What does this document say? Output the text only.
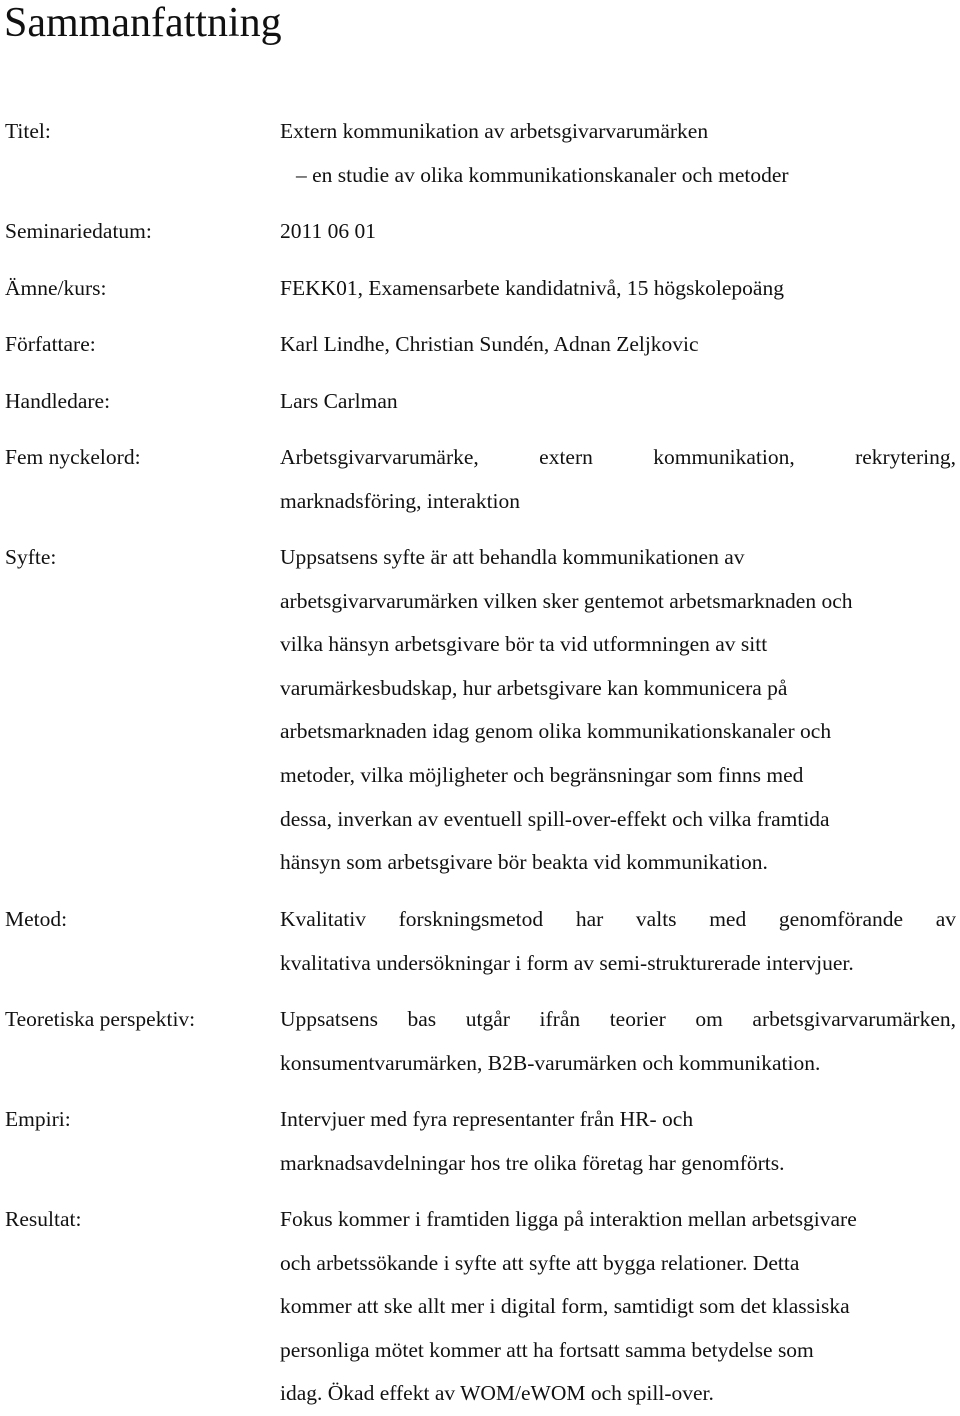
Sammanfattning
Titel:	Extern kommunikation av arbetsgivarvarumärken
– en studie av olika kommunikationskanaler och metoder
Seminariedatum:	2011 06 01
Ämne/kurs:	FEKK01, Examensarbete kandidatnivå, 15 högskolepoäng
Författare:	Karl Lindhe, Christian Sundén, Adnan Zeljkovic
Handledare:	Lars Carlman
Fem nyckelord:	Arbetsgivarvarumärke, extern kommunikation, rekrytering,
marknadsföring, interaktion
Syfte:	Uppsatsens syfte är att behandla kommunikationen av
arbetsgivarvarumärken vilken sker gentemot arbetsmarknaden och
vilka hänsyn arbetsgivare bör ta vid utformningen av sitt
varumärkesbudskap, hur arbetsgivare kan kommunicera på
arbetsmarknaden idag genom olika kommunikationskanaler och
metoder, vilka möjligheter och begränsningar som finns med
dessa, inverkan av eventuell spill-over-effekt och vilka framtida
hänsyn som arbetsgivare bör beakta vid kommunikation.
Metod:	Kvalitativ forskningsmetod har valts med genomförande av
kvalitativa undersökningar i form av semi-strukturerade intervjuer.
Teoretiska perspektiv:	Uppsatsens bas utgår ifrån teorier om arbetsgivarvarumärken,
konsumentvarumärken, B2B-varumärken och kommunikation.
Empiri:	Intervjuer med fyra representanter från HR- och
marknadsavdelningar hos tre olika företag har genomförts.
Resultat:	Fokus kommer i framtiden ligga på interaktion mellan arbetsgivare
och arbetssökande i syfte att syfte att bygga relationer. Detta
kommer att ske allt mer i digital form, samtidigt som det klassiska
personliga mötet kommer att ha fortsatt samma betydelse som
idag. Ökad effekt av WOM/eWOM och spill-over.
